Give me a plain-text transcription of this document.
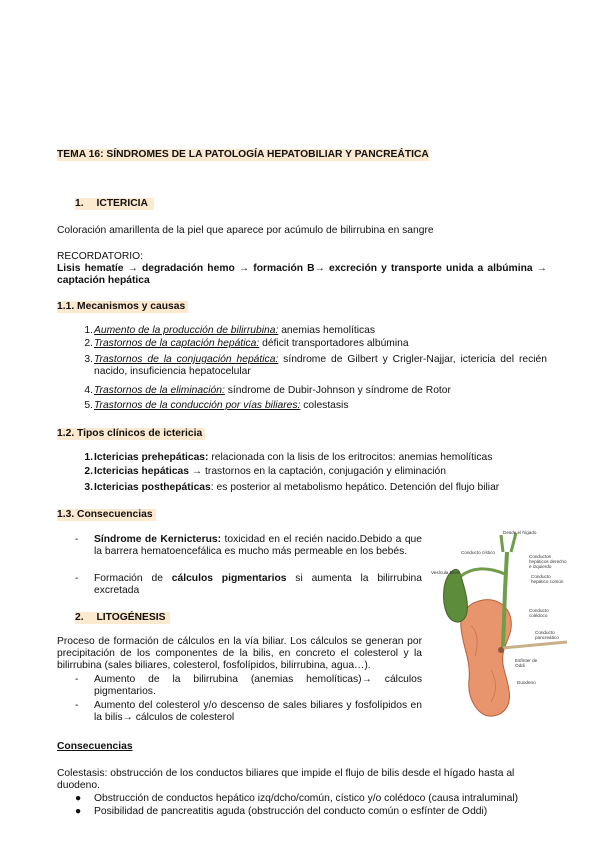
TEMA 16: SÍNDROMES DE LA PATOLOGÍA HEPATOBILIAR Y PANCREÁTICA
1. ICTERICIA
Coloración amarillenta de la piel que aparece por acúmulo de bilirrubina en sangre
RECORDATORIO:
Lisis hematíe → degradación hemo → formación B→ excreción y transporte unida a albúmina → captación hepática
1.1. Mecanismos y causas
1. Aumento de la producción de bilirrubina: anemias hemolíticas
2. Trastornos de la captación hepática: déficit transportadores albúmina
3. Trastornos de la conjugación hepática: síndrome de Gilbert y Crigler-Najjar, ictericia del recién nacido, insuficiencia hepatocelular
4. Trastornos de la eliminación: síndrome de Dubir-Johnson y síndrome de Rotor
5. Trastornos de la conducción por vías biliares: colestasis
1.2. Tipos clínicos de ictericia
1. Ictericias prehepáticas: relacionada con la lisis de los eritrocitos: anemias hemolíticas
2. Ictericias hepáticas → trastornos en la captación, conjugación y eliminación
3. Ictericias posthepáticas: es posterior al metabolismo hepático. Detención del flujo biliar
1.3. Consecuencias
- Síndrome de Kernicterus: toxicidad en el recién nacido.Debido a que la barrera hematoencefálica es mucho más permeable en los bebés.
- Formación de cálculos pigmentarios si aumenta la bilirrubina excretada
2. LITOGÉNESIS
Proceso de formación de cálculos en la vía biliar. Los cálculos se generan por precipitación de los componentes de la bilis, en concreto el colesterol y la bilirrubina (sales biliares, colesterol, fosfolípidos, bilirrubina, agua…).
- Aumento de la bilirrubina (anemias hemolíticas)→ cálculos pigmentarios.
- Aumento del colesterol y/o descenso de sales biliares y fosfolípidos en la bilis→ cálculos de colesterol
Desde el hígado
Conducto cístico
Conductos hepáticos derecho e izquierdo
Vesícula biliar
Conducto hepático común
Conducto colédoco
Conducto pancreático
Esfínter de Oddi
Duodeno
Consecuencias
Colestasis: obstrucción de los conductos biliares que impide el flujo de bilis desde el hígado hasta al duodeno.
● Obstrucción de conductos hepático izq/dcho/común, cístico y/o colédoco (causa intraluminal)
● Posibilidad de pancreatitis aguda (obstrucción del conducto común o esfínter de Oddi)
